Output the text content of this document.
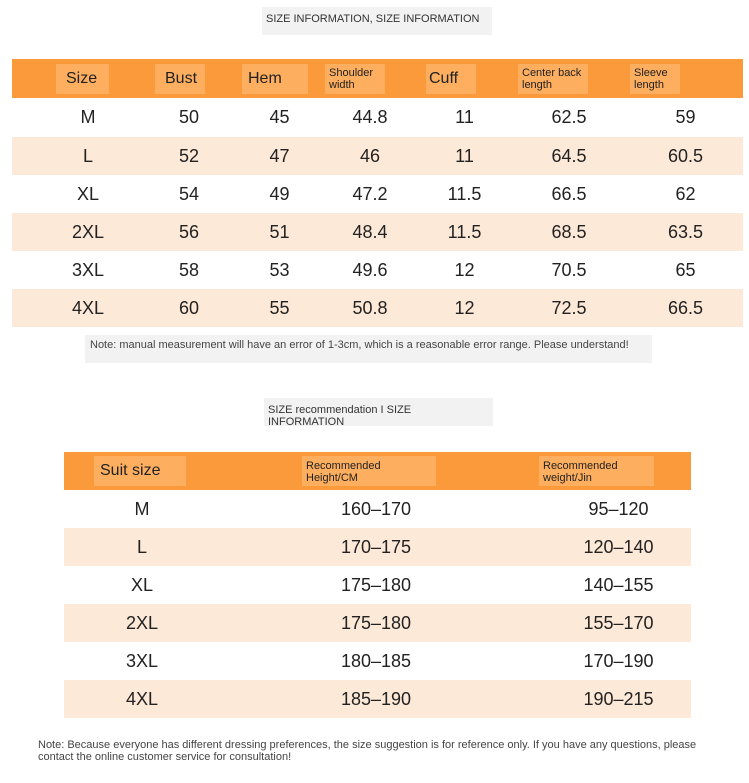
SIZE INFORMATION, SIZE INFORMATION
Size	Bust	Hem	Shoulder width	Cuff	Center back length	Sleeve length
M	50	45	44.8	11	62.5	59
L	52	47	46	11	64.5	60.5
XL	54	49	47.2	11.5	66.5	62
2XL	56	51	48.4	11.5	68.5	63.5
3XL	58	53	49.6	12	70.5	65
4XL	60	55	50.8	12	72.5	66.5
Note: manual measurement will have an error of 1-3cm, which is a reasonable error range. Please understand!
SIZE recommendation I SIZE INFORMATION
Suit size	Recommended Height/CM	Recommended weight/Jin
M	160–170	95–120
L	170–175	120–140
XL	175–180	140–155
2XL	175–180	155–170
3XL	180–185	170–190
4XL	185–190	190–215
Note: Because everyone has different dressing preferences, the size suggestion is for reference only. If you have any questions, please contact the online customer service for consultation!
